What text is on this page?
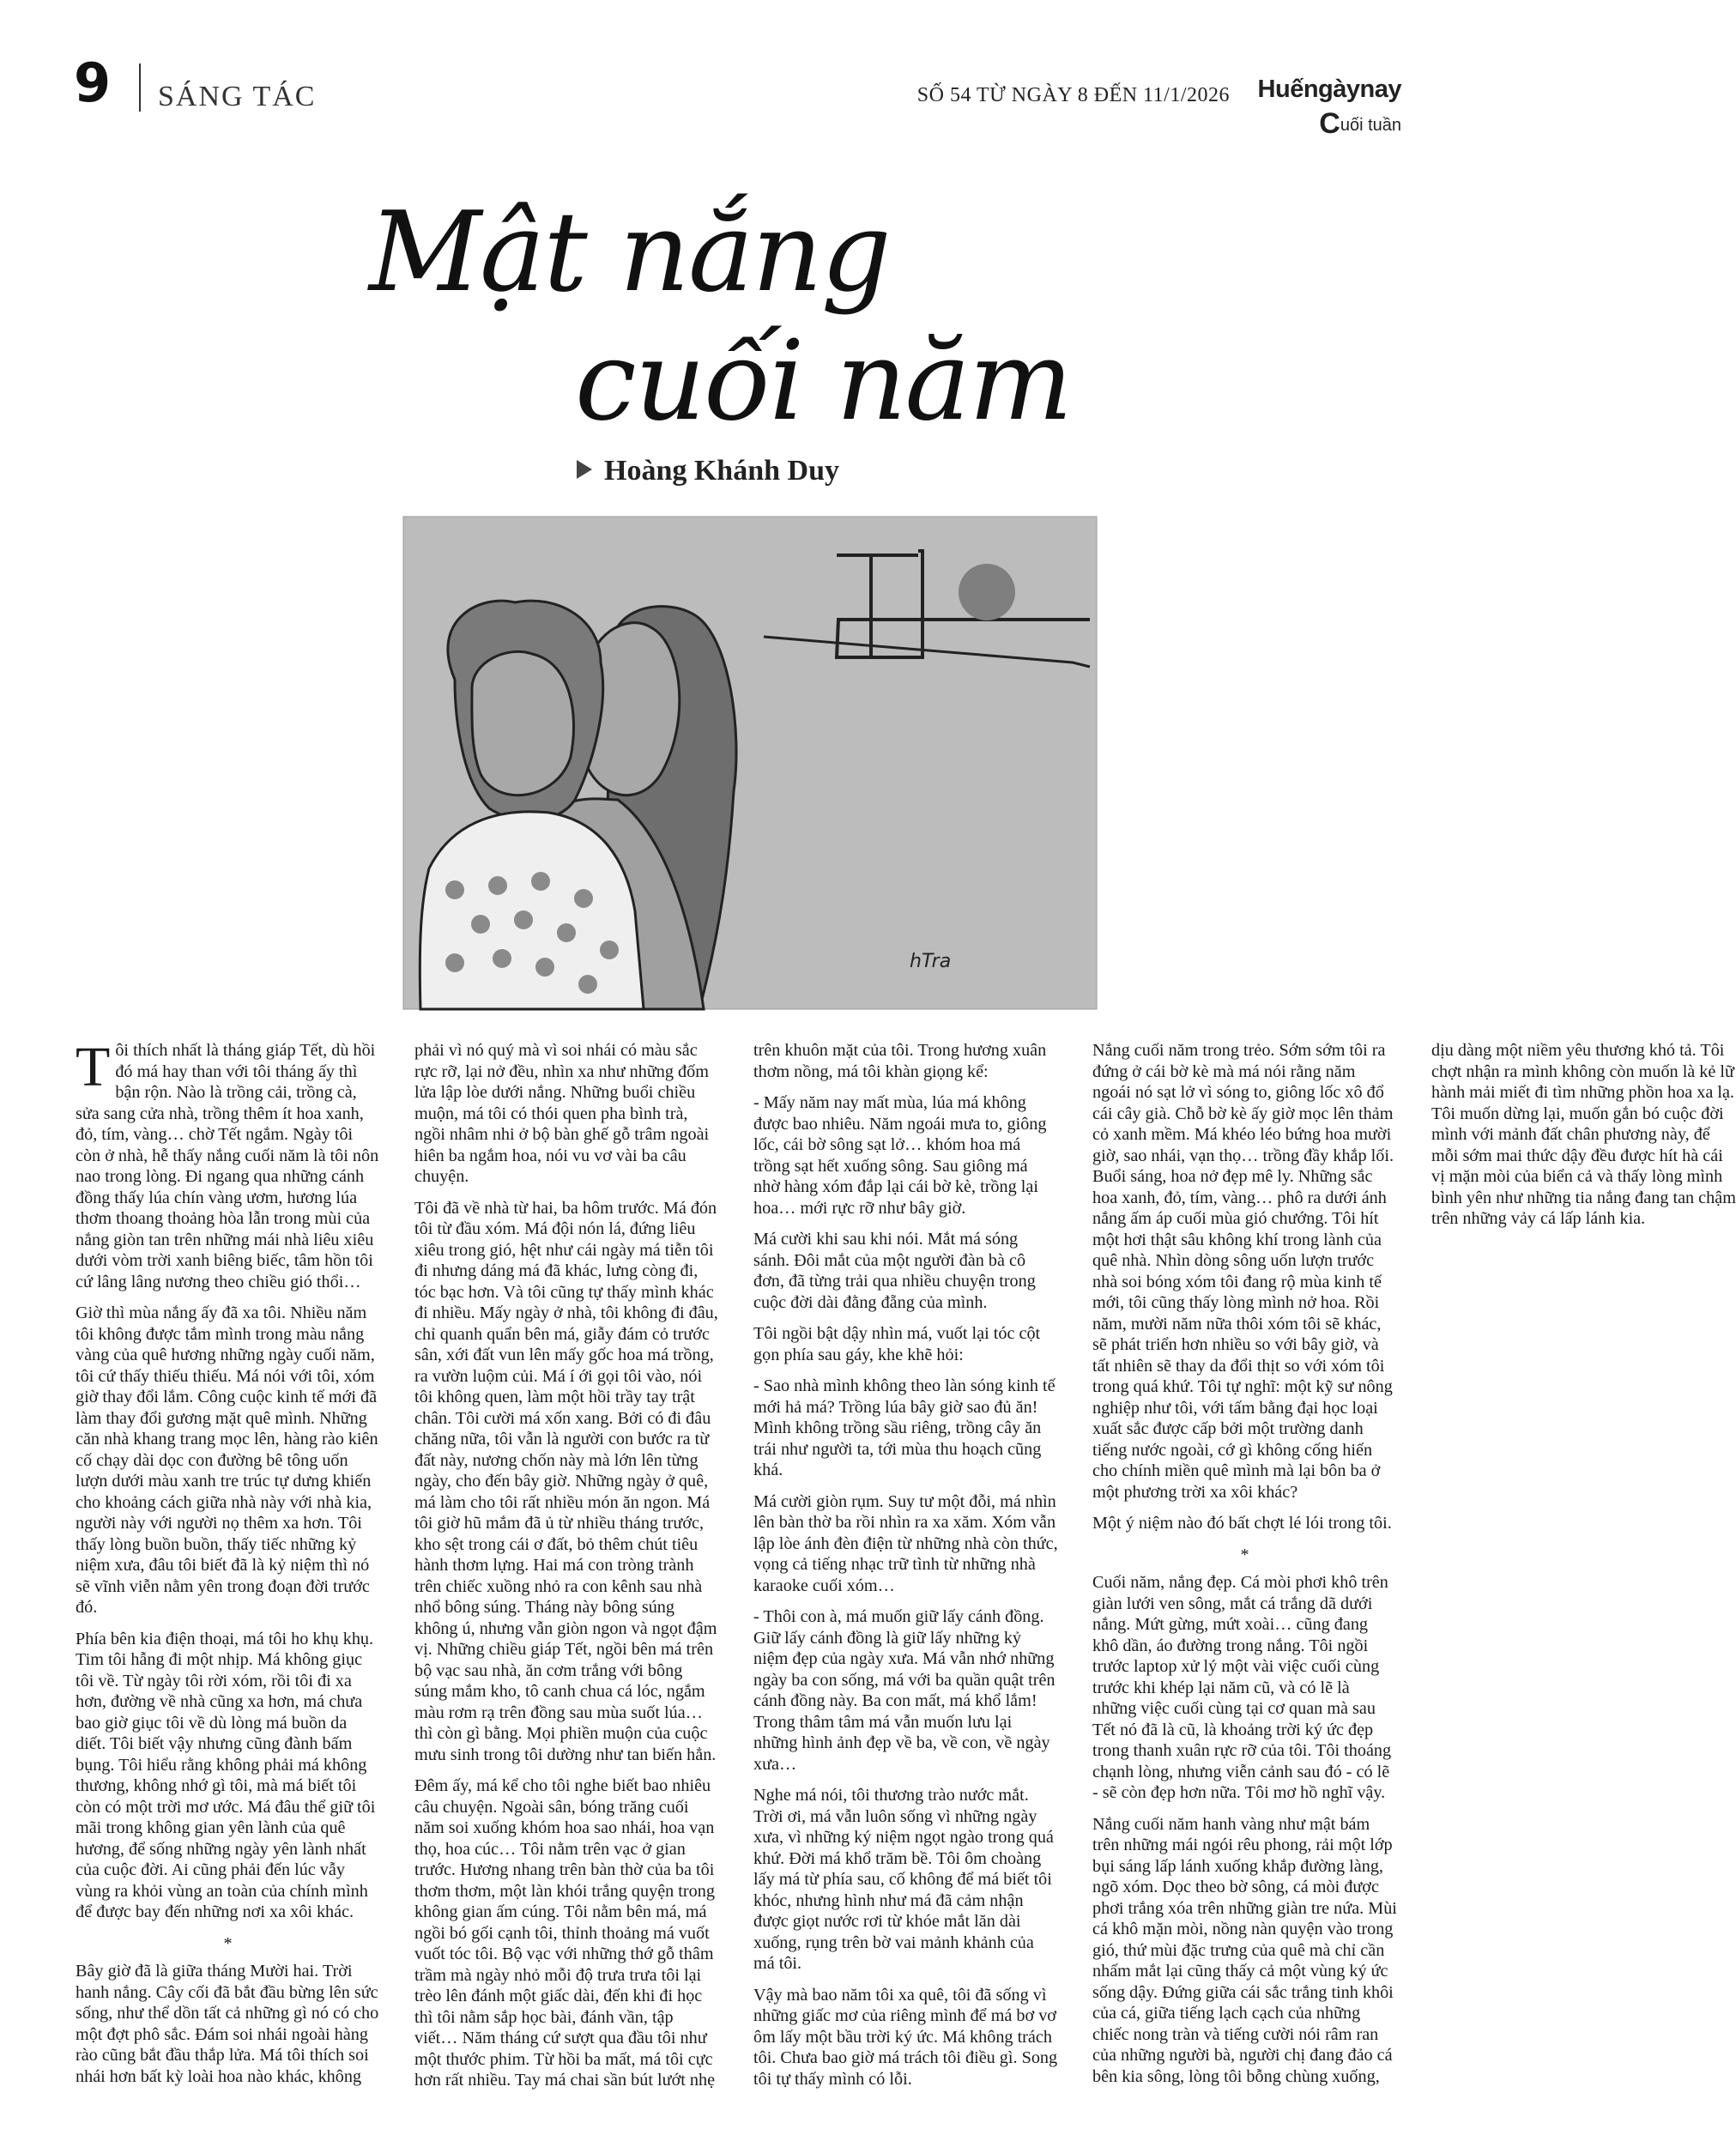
9 SÁNG TÁC	SỐ 54 TỪ NGÀY 8 ĐẾN 11/1/2026 Huếngàynay
Cuối tuần
Mật nắng
cuối năm
Hoàng Khánh Duy
hTra

Tôi thích nhất là tháng giáp Tết, dù hồi đó má hay than với tôi tháng ấy thì bận rộn. Nào là trồng cải, trồng cà, sửa sang cửa nhà, trồng thêm ít hoa xanh, đỏ, tím, vàng… chờ Tết ngắm. Ngày tôi còn ở nhà, hễ thấy nắng cuối năm là tôi nôn nao trong lòng. Đi ngang qua những cánh đồng thấy lúa chín vàng ươm, hương lúa thơm thoang thoảng hòa lẫn trong mùi của nắng giòn tan trên những mái nhà liêu xiêu dưới vòm trời xanh biêng biếc, tâm hồn tôi cứ lâng lâng nương theo chiều gió thổi…

Giờ thì mùa nắng ấy đã xa tôi. Nhiều năm tôi không được tắm mình trong màu nắng vàng của quê hương những ngày cuối năm, tôi cứ thấy thiếu thiếu. Má nói với tôi, xóm giờ thay đổi lắm. Công cuộc kinh tế mới đã làm thay đổi gương mặt quê mình. Những căn nhà khang trang mọc lên, hàng rào kiên cố chạy dài dọc con đường bê tông uốn lượn dưới màu xanh tre trúc tự dưng khiến cho khoảng cách giữa nhà này với nhà kia, người này với người nọ thêm xa hơn. Tôi thấy lòng buồn buồn, thấy tiếc những kỷ niệm xưa, đâu tôi biết đã là kỷ niệm thì nó sẽ vĩnh viễn nằm yên trong đoạn đời trước đó.

Phía bên kia điện thoại, má tôi ho khụ khụ. Tim tôi hẫng đi một nhịp. Má không giục tôi về. Từ ngày tôi rời xóm, rồi tôi đi xa hơn, đường về nhà cũng xa hơn, má chưa bao giờ giục tôi về dù lòng má buồn da diết. Tôi biết vậy nhưng cũng đành bấm bụng. Tôi hiểu rằng không phải má không thương, không nhớ gì tôi, mà má biết tôi còn có một trời mơ ước. Má đâu thể giữ tôi mãi trong không gian yên lành của quê hương, để sống những ngày yên lành nhất của cuộc đời. Ai cũng phải đến lúc vẫy vùng ra khỏi vùng an toàn của chính mình để được bay đến những nơi xa xôi khác.

*

Bây giờ đã là giữa tháng Mười hai. Trời hanh nắng. Cây cối đã bắt đầu bừng lên sức sống, như thể dồn tất cả những gì nó có cho một đợt phô sắc. Đám soi nhái ngoài hàng rào cũng bắt đầu thắp lửa. Má tôi thích soi nhái hơn bất kỳ loài hoa nào khác, không phải vì nó quý mà vì soi nhái có màu sắc rực rỡ, lại nở đều, nhìn xa như những đốm lửa lập lòe dưới nắng. Những buổi chiều muộn, má tôi có thói quen pha bình trà, ngồi nhâm nhi ở bộ bàn ghế gỗ trâm ngoài hiên ba ngắm hoa, nói vu vơ vài ba câu chuyện.

Tôi đã về nhà từ hai, ba hôm trước. Má đón tôi từ đầu xóm. Má đội nón lá, đứng liêu xiêu trong gió, hệt như cái ngày má tiễn tôi đi nhưng dáng má đã khác, lưng còng đi, tóc bạc hơn. Và tôi cũng tự thấy mình khác đi nhiều. Mấy ngày ở nhà, tôi không đi đâu, chỉ quanh quẩn bên má, giẫy đám cỏ trước sân, xới đất vun lên mấy gốc hoa má trồng, ra vườn luộm củi. Má í ới gọi tôi vào, nói tôi không quen, làm một hồi trầy tay trật chân. Tôi cười má xốn xang. Bởi có đi đâu chăng nữa, tôi vẫn là người con bước ra từ đất này, nương chốn này mà lớn lên từng ngày, cho đến bây giờ. Những ngày ở quê, má làm cho tôi rất nhiều món ăn ngon. Má tôi giờ hũ mắm đã ủ từ nhiều tháng trước, kho sệt trong cái ơ đất, bỏ thêm chút tiêu hành thơm lựng. Hai má con tròng trành trên chiếc xuồng nhỏ ra con kênh sau nhà nhổ bông súng. Tháng này bông súng không ú, nhưng vẫn giòn ngon và ngọt đậm vị. Những chiều giáp Tết, ngồi bên má trên bộ vạc sau nhà, ăn cơm trắng với bông súng mắm kho, tô canh chua cá lóc, ngắm màu rơm rạ trên đồng sau mùa suốt lúa… thì còn gì bằng. Mọi phiền muộn của cuộc mưu sinh trong tôi dường như tan biến hẳn.

Đêm ấy, má kể cho tôi nghe biết bao nhiêu câu chuyện. Ngoài sân, bóng trăng cuối năm soi xuống khóm hoa sao nhái, hoa vạn thọ, hoa cúc… Tôi nằm trên vạc ở gian trước. Hương nhang trên bàn thờ của ba tôi thơm thơm, một làn khói trắng quyện trong không gian ấm cúng. Tôi nằm bên má, má ngồi bó gối cạnh tôi, thỉnh thoảng má vuốt vuốt tóc tôi. Bộ vạc với những thớ gỗ thâm trầm mà ngày nhỏ mỗi độ trưa trưa tôi lại trèo lên đánh một giấc dài, đến khi đi học thì tôi nằm sắp học bài, đánh vần, tập viết… Năm tháng cứ sượt qua đầu tôi như một thước phim. Từ hồi ba mất, má tôi cực hơn rất nhiều. Tay má chai sần bút lướt nhẹ trên khuôn mặt của tôi. Trong hương xuân thơm nồng, má tôi khàn giọng kể:

- Mấy năm nay mất mùa, lúa má không được bao nhiêu. Năm ngoái mưa to, giông lốc, cái bờ sông sạt lở… khóm hoa má trồng sạt hết xuống sông. Sau giông má nhờ hàng xóm đắp lại cái bờ kè, trồng lại hoa… mới rực rỡ như bây giờ.

Má cười khi sau khi nói. Mắt má sóng sánh. Đôi mắt của một người đàn bà cô đơn, đã từng trải qua nhiều chuyện trong cuộc đời dài đằng đẵng của mình.

Tôi ngồi bật dậy nhìn má, vuốt lại tóc cột gọn phía sau gáy, khe khẽ hỏi:

- Sao nhà mình không theo làn sóng kinh tế mới hả má? Trồng lúa bây giờ sao đủ ăn! Mình không trồng sầu riêng, trồng cây ăn trái như người ta, tới mùa thu hoạch cũng khá.

Má cười giòn rụm. Suy tư một đỗi, má nhìn lên bàn thờ ba rồi nhìn ra xa xăm. Xóm vẫn lập lòe ánh đèn điện từ những nhà còn thức, vọng cả tiếng nhạc trữ tình từ những nhà karaoke cuối xóm…

- Thôi con à, má muốn giữ lấy cánh đồng. Giữ lấy cánh đồng là giữ lấy những kỷ niệm đẹp của ngày xưa. Má vẫn nhớ những ngày ba con sống, má với ba quần quật trên cánh đồng này. Ba con mất, má khổ lắm! Trong thâm tâm má vẫn muốn lưu lại những hình ảnh đẹp về ba, về con, về ngày xưa…

Nghe má nói, tôi thương trào nước mắt. Trời ơi, má vẫn luôn sống vì những ngày xưa, vì những ký niệm ngọt ngào trong quá khứ. Đời má khổ trăm bề. Tôi ôm choàng lấy má từ phía sau, cố không để má biết tôi khóc, nhưng hình như má đã cảm nhận được giọt nước rơi từ khóe mắt lăn dài xuống, rụng trên bờ vai mảnh khảnh của má tôi.

Vậy mà bao năm tôi xa quê, tôi đã sống vì những giấc mơ của riêng mình để má bơ vơ ôm lấy một bầu trời ký ức. Má không trách tôi. Chưa bao giờ má trách tôi điều gì. Song tôi tự thấy mình có lỗi.

Nắng cuối năm trong trẻo. Sớm sớm tôi ra đứng ở cái bờ kè mà má nói rằng năm ngoái nó sạt lở vì sóng to, giông lốc xô đổ cái cây già. Chỗ bờ kè ấy giờ mọc lên thảm cỏ xanh mềm. Má khéo léo bứng hoa mười giờ, sao nhái, vạn thọ… trồng đầy khắp lối. Buổi sáng, hoa nở đẹp mê ly. Những sắc hoa xanh, đỏ, tím, vàng… phô ra dưới ánh nắng ấm áp cuối mùa gió chướng. Tôi hít một hơi thật sâu không khí trong lành của quê nhà. Nhìn dòng sông uốn lượn trước nhà soi bóng xóm tôi đang rộ mùa kinh tế mới, tôi cũng thấy lòng mình nở hoa. Rồi năm, mười năm nữa thôi xóm tôi sẽ khác, sẽ phát triển hơn nhiều so với bây giờ, và tất nhiên sẽ thay da đổi thịt so với xóm tôi trong quá khứ. Tôi tự nghĩ: một kỹ sư nông nghiệp như tôi, với tấm bằng đại học loại xuất sắc được cấp bởi một trường danh tiếng nước ngoài, cớ gì không cống hiến cho chính miền quê mình mà lại bôn ba ở một phương trời xa xôi khác?

Một ý niệm nào đó bất chợt lé lói trong tôi.

*

Cuối năm, nắng đẹp. Cá mòi phơi khô trên giàn lưới ven sông, mắt cá trắng dã dưới nắng. Mứt gừng, mứt xoài… cũng đang khô dần, áo đường trong nắng. Tôi ngồi trước laptop xử lý một vài việc cuối cùng trước khi khép lại năm cũ, và có lẽ là những việc cuối cùng tại cơ quan mà sau Tết nó đã là cũ, là khoảng trời ký ức đẹp trong thanh xuân rực rỡ của tôi. Tôi thoáng chạnh lòng, nhưng viễn cảnh sau đó - có lẽ - sẽ còn đẹp hơn nữa. Tôi mơ hồ nghĩ vậy.

Nắng cuối năm hanh vàng như mật bám trên những mái ngói rêu phong, rải một lớp bụi sáng lấp lánh xuống khắp đường làng, ngõ xóm. Dọc theo bờ sông, cá mòi được phơi trắng xóa trên những giàn tre nứa. Mùi cá khô mặn mòi, nồng nàn quyện vào trong gió, thứ mùi đặc trưng của quê mà chỉ cần nhấm mắt lại cũng thấy cả một vùng ký ức sống dậy. Đứng giữa cái sắc trắng tinh khôi của cá, giữa tiếng lạch cạch của những chiếc nong tràn và tiếng cười nói râm ran của những người bà, người chị đang đảo cá bên kia sông, lòng tôi bỗng chùng xuống, dịu dàng một niềm yêu thương khó tả. Tôi chợt nhận ra mình không còn muốn là kẻ lữ hành mải miết đi tìm những phồn hoa xa lạ. Tôi muốn dừng lại, muốn gắn bó cuộc đời mình với mảnh đất chân phương này, để mỗi sớm mai thức dậy đều được hít hà cái vị mặn mòi của biển cả và thấy lòng mình bình yên như những tia nắng đang tan chậm trên những vảy cá lấp lánh kia.
